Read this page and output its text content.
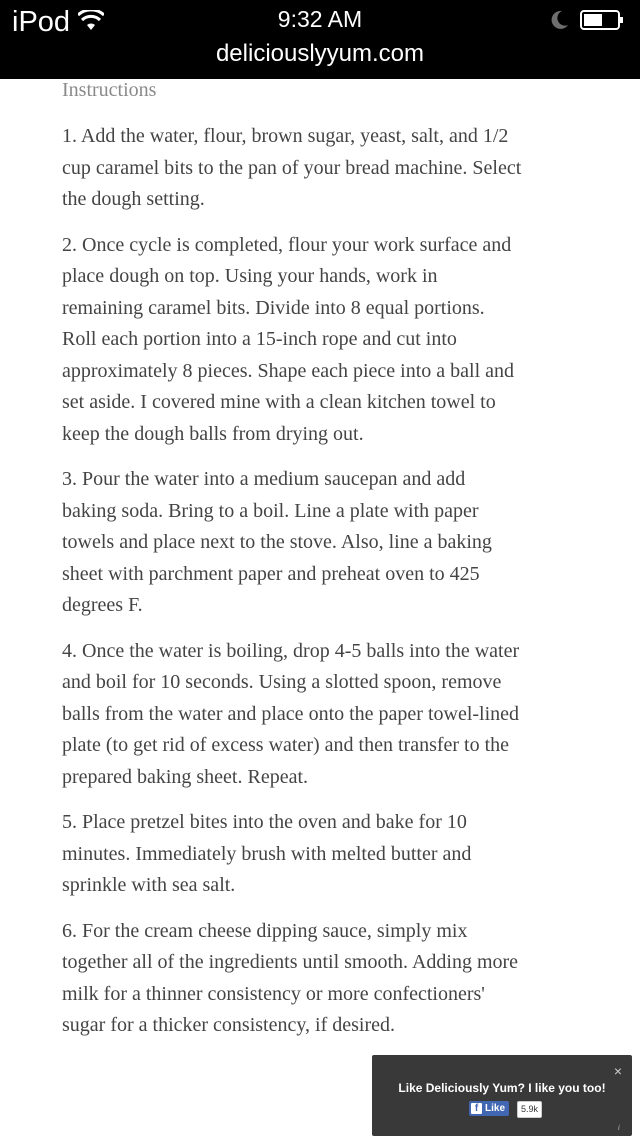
iPod	9:32 AM
deliciouslyyum.com
Instructions

1. Add the water, flour, brown sugar, yeast, salt, and 1/2 cup caramel bits to the pan of your bread machine. Select the dough setting.

2. Once cycle is completed, flour your work surface and place dough on top. Using your hands, work in remaining caramel bits. Divide into 8 equal portions. Roll each portion into a 15-inch rope and cut into approximately 8 pieces. Shape each piece into a ball and set aside. I covered mine with a clean kitchen towel to keep the dough balls from drying out.

3. Pour the water into a medium saucepan and add baking soda. Bring to a boil. Line a plate with paper towels and place next to the stove. Also, line a baking sheet with parchment paper and preheat oven to 425 degrees F.

4. Once the water is boiling, drop 4-5 balls into the water and boil for 10 seconds. Using a slotted spoon, remove balls from the water and place onto the paper towel-lined plate (to get rid of excess water) and then transfer to the prepared baking sheet. Repeat.

5. Place pretzel bites into the oven and bake for 10 minutes. Immediately brush with melted butter and sprinkle with sea salt.

6. For the cream cheese dipping sauce, simply mix together all of the ingredients until smooth. Adding more milk for a thinner consistency or more confectioners' sugar for a thicker consistency, if desired.

×
Like Deliciously Yum? I like you too!
f Like 5.9k
i
